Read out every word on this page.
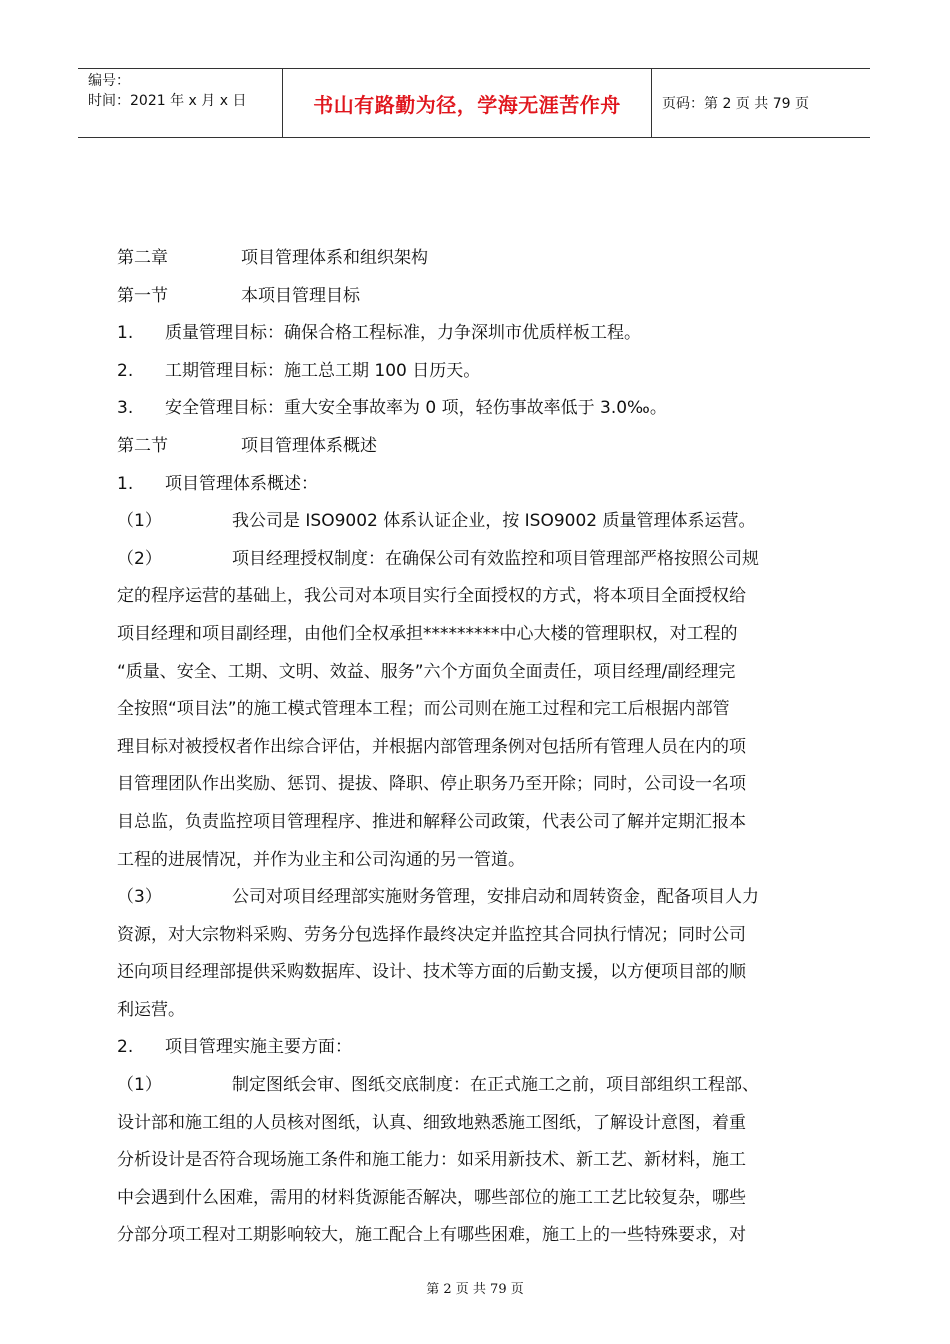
编号：
时间：2021 年 x 月 x 日	书山有路勤为径，学海无涯苦作舟	页码：第 2 页 共 79 页
第二章	项目管理体系和组织架构
第一节	本项目管理目标
1. 质量管理目标：确保合格工程标准，力争深圳市优质样板工程。
2. 工期管理目标：施工总工期 100 日历天。
3. 安全管理目标：重大安全事故率为 0 项，轻伤事故率低于 3.0‰。
第二节	项目管理体系概述
1. 项目管理体系概述：
（1）	我公司是 ISO9002 体系认证企业，按 ISO9002 质量管理体系运营。
（2）	项目经理授权制度：在确保公司有效监控和项目管理部严格按照公司规
定的程序运营的基础上，我公司对本项目实行全面授权的方式，将本项目全面授权给
项目经理和项目副经理，由他们全权承担*********中心大楼的管理职权，对工程的
“质量、安全、工期、文明、效益、服务”六个方面负全面责任，项目经理/副经理完
全按照“项目法”的施工模式管理本工程；而公司则在施工过程和完工后根据内部管
理目标对被授权者作出综合评估，并根据内部管理条例对包括所有管理人员在内的项
目管理团队作出奖励、惩罚、提拔、降职、停止职务乃至开除；同时，公司设一名项
目总监，负责监控项目管理程序、推进和解释公司政策，代表公司了解并定期汇报本
工程的进展情况，并作为业主和公司沟通的另一管道。
（3）	公司对项目经理部实施财务管理，安排启动和周转资金，配备项目人力
资源，对大宗物料采购、劳务分包选择作最终决定并监控其合同执行情况；同时公司
还向项目经理部提供采购数据库、设计、技术等方面的后勤支援，以方便项目部的顺
利运营。
2. 项目管理实施主要方面：
（1）	制定图纸会审、图纸交底制度：在正式施工之前，项目部组织工程部、
设计部和施工组的人员核对图纸，认真、细致地熟悉施工图纸，了解设计意图，着重
分析设计是否符合现场施工条件和施工能力：如采用新技术、新工艺、新材料，施工
中会遇到什么困难，需用的材料货源能否解决，哪些部位的施工工艺比较复杂，哪些
分部分项工程对工期影响较大，施工配合上有哪些困难，施工上的一些特殊要求，对
第 2 页 共 79 页
